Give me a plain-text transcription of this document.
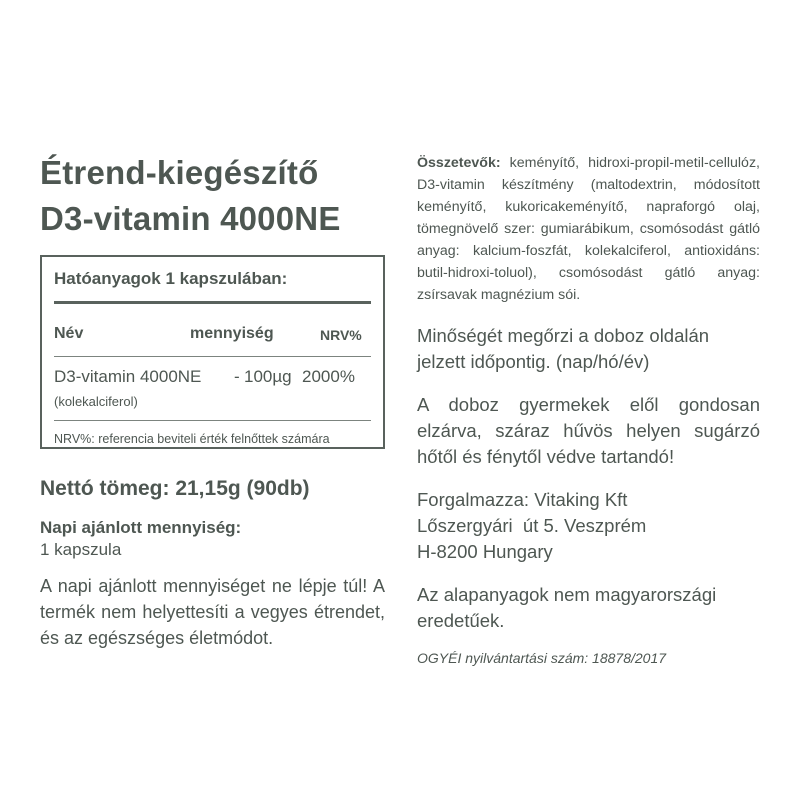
Étrend-kiegészítő
D3-vitamin 4000NE
Hatóanyagok 1 kapszulában:
Név	mennyiség	NRV%
D3-vitamin 4000NE - 100µg 2000%
(kolekalciferol)
NRV%: referencia beviteli érték felnőttek számára
Nettó tömeg: 21,15g (90db)
Napi ajánlott mennyiség:
1 kapszula
A napi ajánlott mennyiséget ne lépje túl! A termék nem helyettesíti a vegyes étrendet, és az egészséges életmódot.

Összetevők: keményítő, hidroxi-propil-metil-cellulóz, D3-vitamin készítmény (maltodextrin, módosított keményítő, kukoricakeményítő, napraforgó olaj, tömegnövelő szer: gumiarábikum, csomósodást gátló anyag: kalcium-foszfát, kolekalciferol, antioxidáns: butil-hidroxi-toluol), csomósodást gátló anyag: zsírsavak magnézium sói.

Minőségét megőrzi a doboz oldalán jelzett időpontig. (nap/hó/év)

A doboz gyermekek elől gondosan elzárva, száraz hűvös helyen sugárzó hőtől és fénytől védve tartandó!

Forgalmazza: Vitaking Kft
Lőszergyári  út 5. Veszprém
H-8200 Hungary

Az alapanyagok nem magyarországi eredetűek.

OGYÉI nyilvántartási szám: 18878/2017
